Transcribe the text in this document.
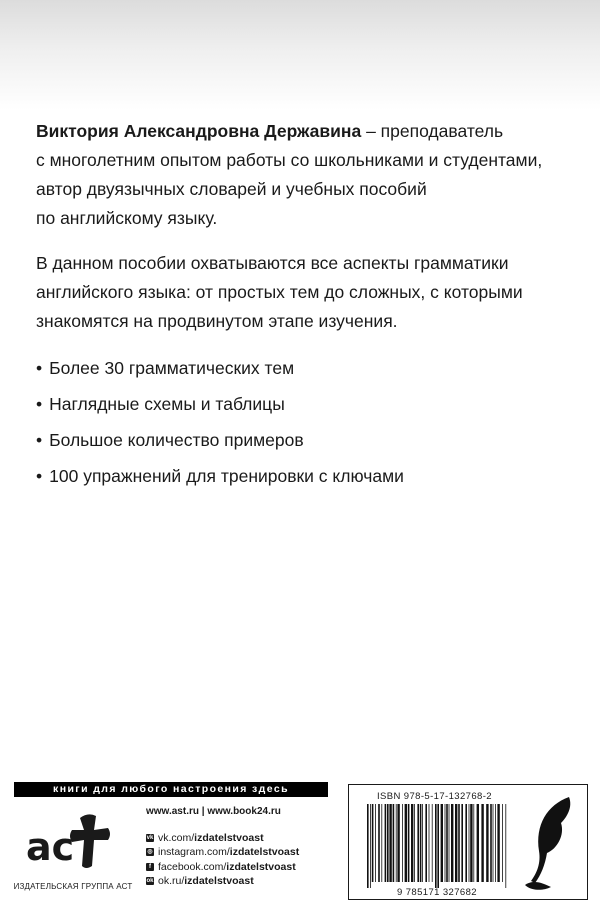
Виктория Александровна Державина – преподаватель
с многолетним опытом работы со школьниками и студентами,
автор двуязычных словарей и учебных пособий
по английскому языку.
В данном пособии охватываются все аспекты грамматики
английского языка: от простых тем до сложных, с которыми
знакомятся на продвинутом этапе изучения.
• Более 30 грамматических тем
• Наглядные схемы и таблицы
• Большое количество примеров
• 100 упражнений для тренировки с ключами
книги для любого настроения здесь
ac
ИЗДАТЕЛЬСКАЯ ГРУППА АСТ
www.ast.ru | www.book24.ru
vk vk.com/ izdatelstvoast
◎ instagram.com/ izdatelstvoast
f facebook.com/ izdatelstvoast
ok ok.ru/ izdatelstvoast
ISBN 978-5-17-132768-2
9 785171 327682
